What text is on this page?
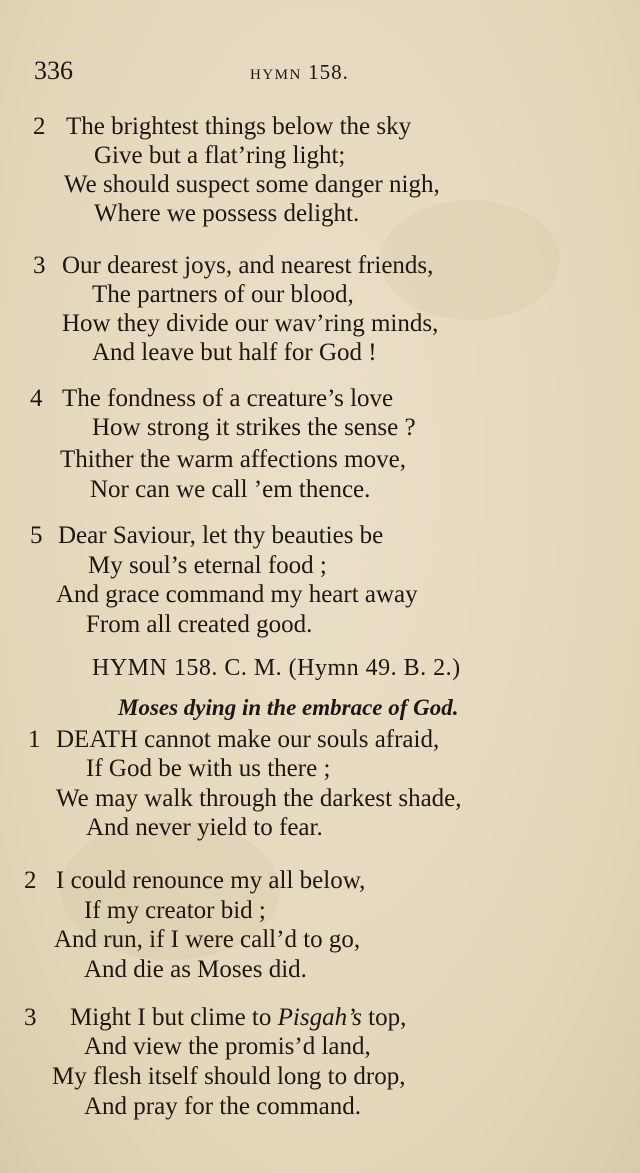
336	HYMN 158.
2 The brightest things below the sky
Give but a flat’ring light;
We should suspect some danger nigh,
Where we possess delight.
3 Our dearest joys, and nearest friends,
The partners of our blood,
How they divide our wav’ring minds,
And leave but half for God !
4 The fondness of a creature’s love
How strong it strikes the sense ?
Thither the warm affections move,
Nor can we call ’em thence.
5 Dear Saviour, let thy beauties be
My soul’s eternal food ;
And grace command my heart away
From all created good.
HYMN 158. C. M. (Hymn 49. B. 2.)
Moses dying in the embrace of God.
1 DEATH cannot make our souls afraid,
If God be with us there ;
We may walk through the darkest shade,
And never yield to fear.
2 I could renounce my all below,
If my creator bid ;
And run, if I were call’d to go,
And die as Moses did.
3 Might I but clime to Pisgah’s top,
And view the promis’d land,
My flesh itself should long to drop,
And pray for the command.
